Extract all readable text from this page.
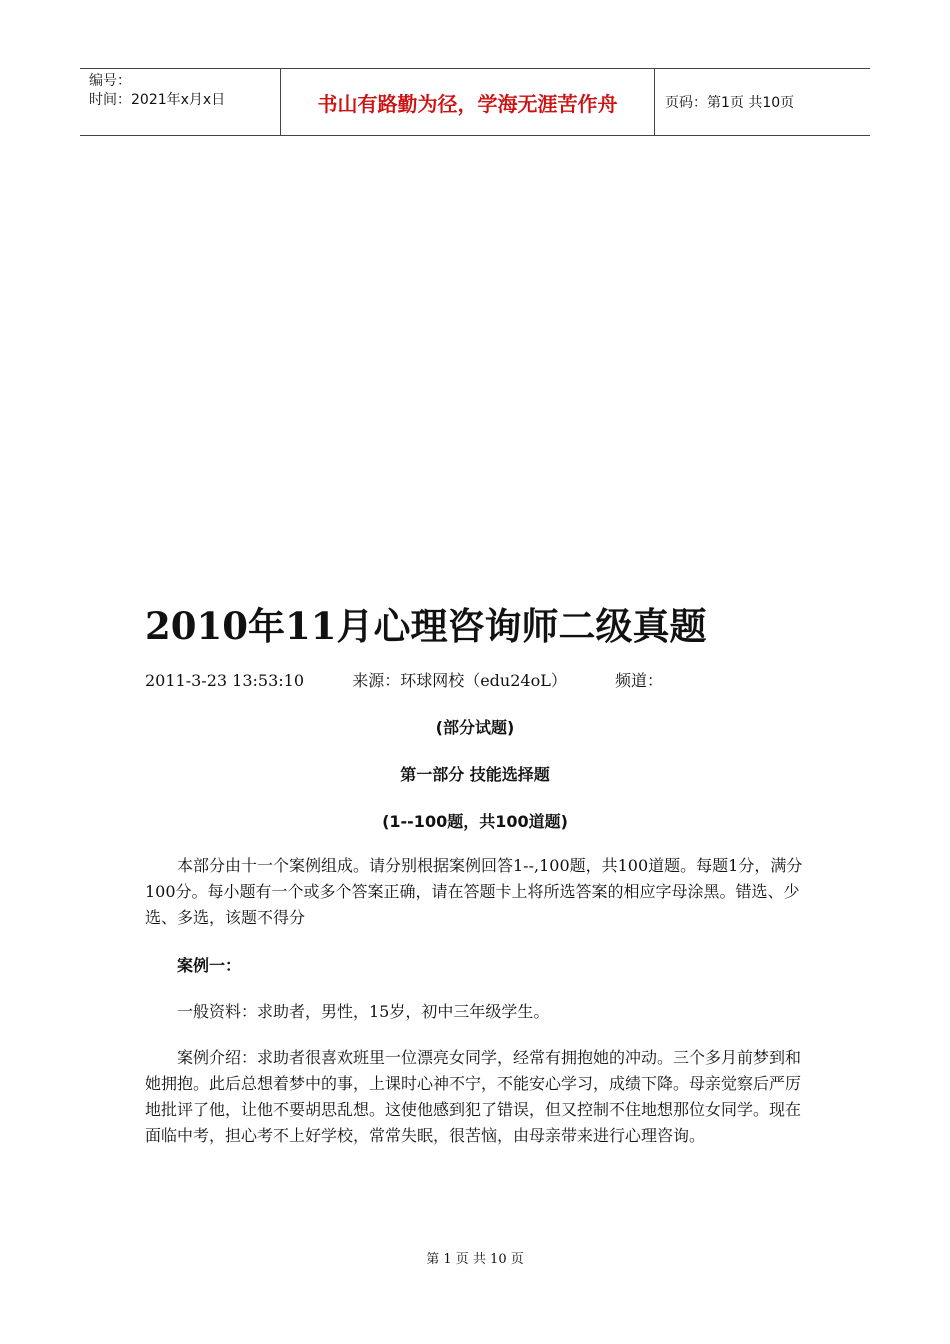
编号：
时间：2021年x月x日	书山有路勤为径，学海无涯苦作舟	页码：第1页 共10页
2010年11月心理咨询师二级真题
2011-3-23 13:53:10	来源：环球网校（edu24oL）	频道：
(部分试题)
第一部分 技能选择题
(1--100题，共100道题)

本部分由十一个案例组成。请分别根据案例回答1--,100题，共100道题。每题1分，满分100分。每小题有一个或多个答案正确，请在答题卡上将所选答案的相应字母涂黑。错选、少选、多选，该题不得分

案例一：

一般资料：求助者，男性，15岁，初中三年级学生。

案例介绍：求助者很喜欢班里一位漂亮女同学，经常有拥抱她的冲动。三个多月前梦到和她拥抱。此后总想着梦中的事，上课时心神不宁，不能安心学习，成绩下降。母亲觉察后严厉地批评了他，让他不要胡思乱想。这使他感到犯了错误，但又控制不住地想那位女同学。现在面临中考，担心考不上好学校，常常失眠，很苦恼，由母亲带来进行心理咨询。

第 1 页 共 10 页
